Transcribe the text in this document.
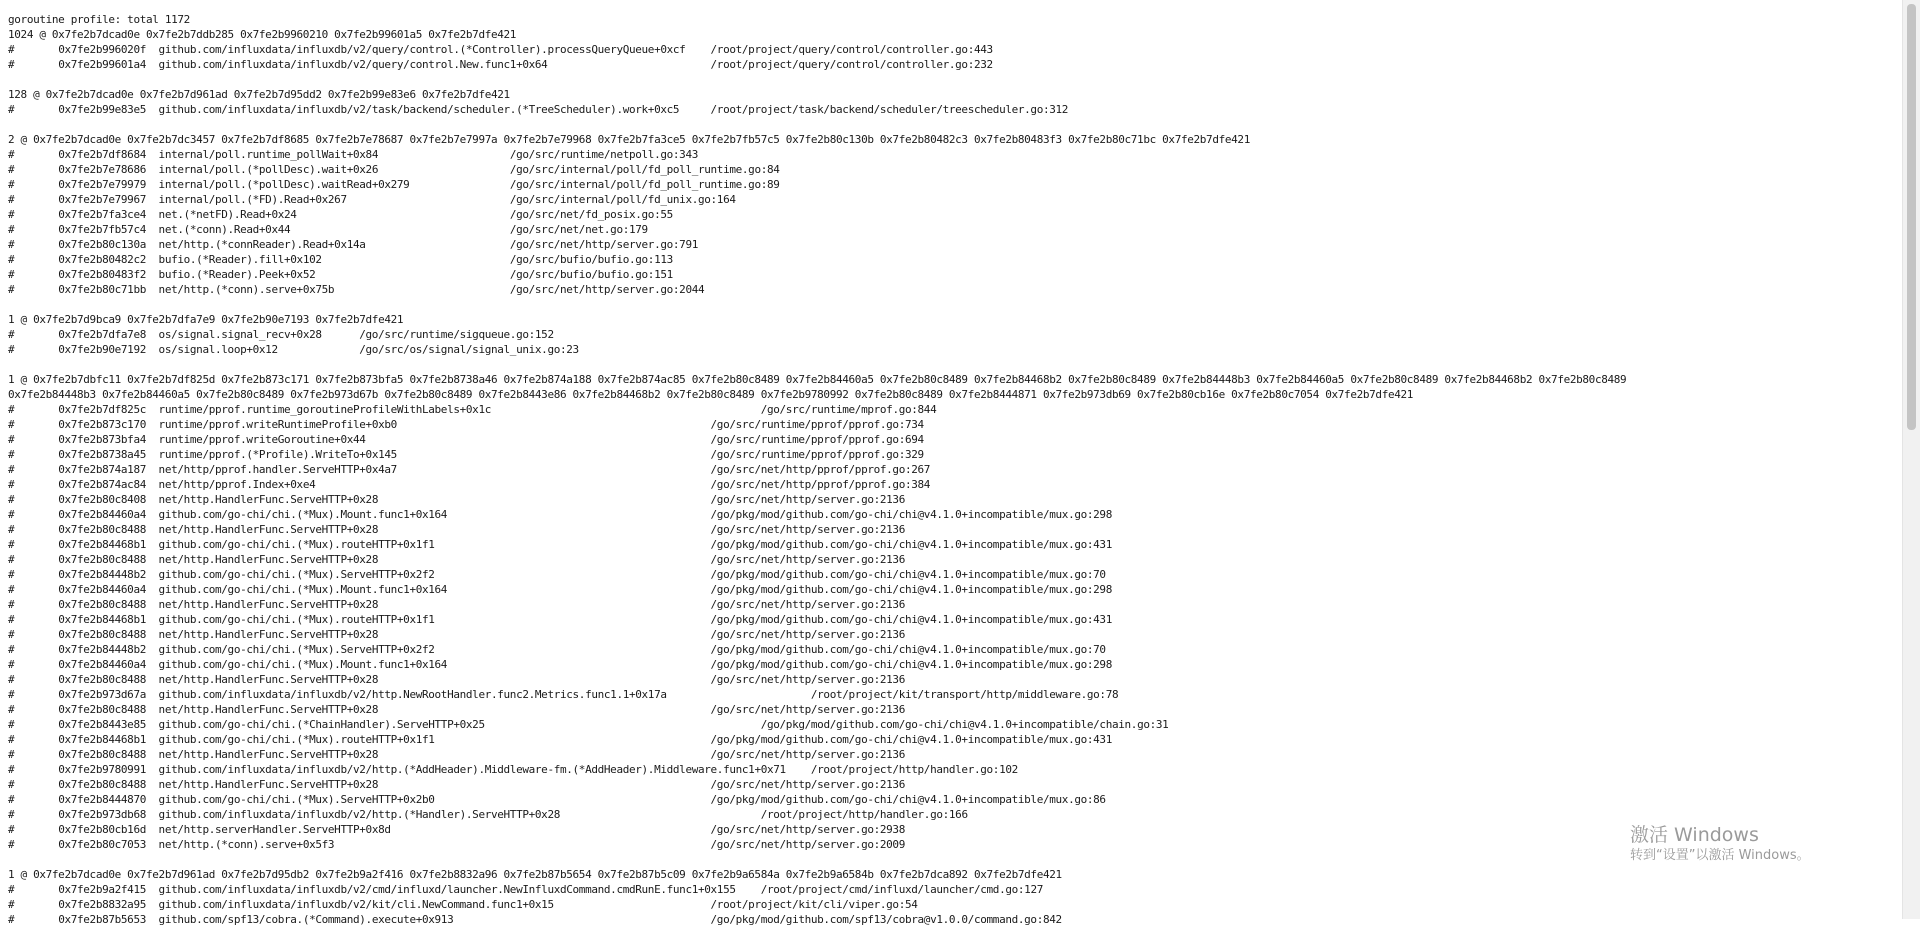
goroutine profile: total 1172
1024 @ 0x7fe2b7dcad0e 0x7fe2b7ddb285 0x7fe2b9960210 0x7fe2b99601a5 0x7fe2b7dfe421
#	0x7fe2b996020f	github.com/influxdata/influxdb/v2/query/control.(*Controller).processQueryQueue+0xcf	/root/project/query/control/controller.go:443
#	0x7fe2b99601a4	github.com/influxdata/influxdb/v2/query/control.New.func1+0x64				/root/project/query/control/controller.go:232
128 @ 0x7fe2b7dcad0e 0x7fe2b7d961ad 0x7fe2b7d95dd2 0x7fe2b99e83e6 0x7fe2b7dfe421
#	0x7fe2b99e83e5	github.com/influxdata/influxdb/v2/task/backend/scheduler.(*TreeScheduler).work+0xc5	/root/project/task/backend/scheduler/treescheduler.go:312
2 @ 0x7fe2b7dcad0e 0x7fe2b7dc3457 0x7fe2b7df8685 0x7fe2b7e78687 0x7fe2b7e7997a 0x7fe2b7e79968 0x7fe2b7fa3ce5 0x7fe2b7fb57c5 0x7fe2b80c130b 0x7fe2b80482c3 0x7fe2b80483f3 0x7fe2b80c71bc 0x7fe2b7dfe421
#	0x7fe2b7df8684	internal/poll.runtime_pollWait+0x84			/go/src/runtime/netpoll.go:343
#	0x7fe2b7e78686	internal/poll.(*pollDesc).wait+0x26			/go/src/internal/poll/fd_poll_runtime.go:84
#	0x7fe2b7e79979	internal/poll.(*pollDesc).waitRead+0x279		/go/src/internal/poll/fd_poll_runtime.go:89
#	0x7fe2b7e79967	internal/poll.(*FD).Read+0x267				/go/src/internal/poll/fd_unix.go:164
#	0x7fe2b7fa3ce4	net.(*netFD).Read+0x24					/go/src/net/fd_posix.go:55
#	0x7fe2b7fb57c4	net.(*conn).Read+0x44					/go/src/net/net.go:179
#	0x7fe2b80c130a	net/http.(*connReader).Read+0x14a			/go/src/net/http/server.go:791
#	0x7fe2b80482c2	bufio.(*Reader).fill+0x102				/go/src/bufio/bufio.go:113
#	0x7fe2b80483f2	bufio.(*Reader).Peek+0x52				/go/src/bufio/bufio.go:151
#	0x7fe2b80c71bb	net/http.(*conn).serve+0x75b				/go/src/net/http/server.go:2044
1 @ 0x7fe2b7d9bca9 0x7fe2b7dfa7e9 0x7fe2b90e7193 0x7fe2b7dfe421
#	0x7fe2b7dfa7e8	os/signal.signal_recv+0x28	/go/src/runtime/sigqueue.go:152
#	0x7fe2b90e7192	os/signal.loop+0x12		/go/src/os/signal/signal_unix.go:23
1 @ 0x7fe2b7dbfc11 0x7fe2b7df825d 0x7fe2b873c171 0x7fe2b873bfa5 0x7fe2b8738a46 0x7fe2b874a188 0x7fe2b874ac85 0x7fe2b80c8489 0x7fe2b84460a5 0x7fe2b80c8489 0x7fe2b84468b2 0x7fe2b80c8489 0x7fe2b84448b3 0x7fe2b84460a5 0x7fe2b80c8489 0x7fe2b84468b2 0x7fe2b80c8489
0x7fe2b84448b3 0x7fe2b84460a5 0x7fe2b80c8489 0x7fe2b973d67b 0x7fe2b80c8489 0x7fe2b8443e86 0x7fe2b84468b2 0x7fe2b80c8489 0x7fe2b9780992 0x7fe2b80c8489 0x7fe2b8444871 0x7fe2b973db69 0x7fe2b80cb16e 0x7fe2b80c7054 0x7fe2b7dfe421
#	0x7fe2b7df825c	runtime/pprof.runtime_goroutineProfileWithLabels+0x1c						/go/src/runtime/mprof.go:844
#	0x7fe2b873c170	runtime/pprof.writeRuntimeProfile+0xb0							/go/src/runtime/pprof/pprof.go:734
#	0x7fe2b873bfa4	runtime/pprof.writeGoroutine+0x44							/go/src/runtime/pprof/pprof.go:694
#	0x7fe2b8738a45	runtime/pprof.(*Profile).WriteTo+0x145							/go/src/runtime/pprof/pprof.go:329
#	0x7fe2b874a187	net/http/pprof.handler.ServeHTTP+0x4a7							/go/src/net/http/pprof/pprof.go:267
#	0x7fe2b874ac84	net/http/pprof.Index+0xe4								/go/src/net/http/pprof/pprof.go:384
#	0x7fe2b80c8408	net/http.HandlerFunc.ServeHTTP+0x28							/go/src/net/http/server.go:2136
#	0x7fe2b84460a4	github.com/go-chi/chi.(*Mux).Mount.func1+0x164						/go/pkg/mod/github.com/go-chi/chi@v4.1.0+incompatible/mux.go:298
#	0x7fe2b80c8488	net/http.HandlerFunc.ServeHTTP+0x28							/go/src/net/http/server.go:2136
#	0x7fe2b84468b1	github.com/go-chi/chi.(*Mux).routeHTTP+0x1f1						/go/pkg/mod/github.com/go-chi/chi@v4.1.0+incompatible/mux.go:431
#	0x7fe2b80c8488	net/http.HandlerFunc.ServeHTTP+0x28							/go/src/net/http/server.go:2136
#	0x7fe2b84448b2	github.com/go-chi/chi.(*Mux).ServeHTTP+0x2f2						/go/pkg/mod/github.com/go-chi/chi@v4.1.0+incompatible/mux.go:70
#	0x7fe2b84460a4	github.com/go-chi/chi.(*Mux).Mount.func1+0x164						/go/pkg/mod/github.com/go-chi/chi@v4.1.0+incompatible/mux.go:298
#	0x7fe2b80c8488	net/http.HandlerFunc.ServeHTTP+0x28							/go/src/net/http/server.go:2136
#	0x7fe2b84468b1	github.com/go-chi/chi.(*Mux).routeHTTP+0x1f1						/go/pkg/mod/github.com/go-chi/chi@v4.1.0+incompatible/mux.go:431
#	0x7fe2b80c8488	net/http.HandlerFunc.ServeHTTP+0x28							/go/src/net/http/server.go:2136
#	0x7fe2b84448b2	github.com/go-chi/chi.(*Mux).ServeHTTP+0x2f2						/go/pkg/mod/github.com/go-chi/chi@v4.1.0+incompatible/mux.go:70
#	0x7fe2b84460a4	github.com/go-chi/chi.(*Mux).Mount.func1+0x164						/go/pkg/mod/github.com/go-chi/chi@v4.1.0+incompatible/mux.go:298
#	0x7fe2b80c8488	net/http.HandlerFunc.ServeHTTP+0x28							/go/src/net/http/server.go:2136
#	0x7fe2b973d67a	github.com/influxdata/influxdb/v2/http.NewRootHandler.func2.Metrics.func1.1+0x17a			/root/project/kit/transport/http/middleware.go:78
#	0x7fe2b80c8488	net/http.HandlerFunc.ServeHTTP+0x28							/go/src/net/http/server.go:2136
#	0x7fe2b8443e85	github.com/go-chi/chi.(*ChainHandler).ServeHTTP+0x25						/go/pkg/mod/github.com/go-chi/chi@v4.1.0+incompatible/chain.go:31
#	0x7fe2b84468b1	github.com/go-chi/chi.(*Mux).routeHTTP+0x1f1						/go/pkg/mod/github.com/go-chi/chi@v4.1.0+incompatible/mux.go:431
#	0x7fe2b80c8488	net/http.HandlerFunc.ServeHTTP+0x28							/go/src/net/http/server.go:2136
#	0x7fe2b9780991	github.com/influxdata/influxdb/v2/http.(*AddHeader).Middleware-fm.(*AddHeader).Middleware.func1+0x71	/root/project/http/handler.go:102
#	0x7fe2b80c8488	net/http.HandlerFunc.ServeHTTP+0x28							/go/src/net/http/server.go:2136
#	0x7fe2b8444870	github.com/go-chi/chi.(*Mux).ServeHTTP+0x2b0						/go/pkg/mod/github.com/go-chi/chi@v4.1.0+incompatible/mux.go:86
#	0x7fe2b973db68	github.com/influxdata/influxdb/v2/http.(*Handler).ServeHTTP+0x28				/root/project/http/handler.go:166
#	0x7fe2b80cb16d	net/http.serverHandler.ServeHTTP+0x8d							/go/src/net/http/server.go:2938
#	0x7fe2b80c7053	net/http.(*conn).serve+0x5f3								/go/src/net/http/server.go:2009
1 @ 0x7fe2b7dcad0e 0x7fe2b7d961ad 0x7fe2b7d95db2 0x7fe2b9a2f416 0x7fe2b8832a96 0x7fe2b87b5654 0x7fe2b87b5c09 0x7fe2b9a6584a 0x7fe2b9a6584b 0x7fe2b7dca892 0x7fe2b7dfe421
#	0x7fe2b9a2f415	github.com/influxdata/influxdb/v2/cmd/influxd/launcher.NewInfluxdCommand.cmdRunE.func1+0x155	/root/project/cmd/influxd/launcher/cmd.go:127
#	0x7fe2b8832a95	github.com/influxdata/influxdb/v2/kit/cli.NewCommand.func1+0x15				/root/project/kit/cli/viper.go:54
#	0x7fe2b87b5653	github.com/spf13/cobra.(*Command).execute+0x913						/go/pkg/mod/github.com/spf13/cobra@v1.0.0/command.go:842
激活 Windows
转到“设置”以激活 Windows。
